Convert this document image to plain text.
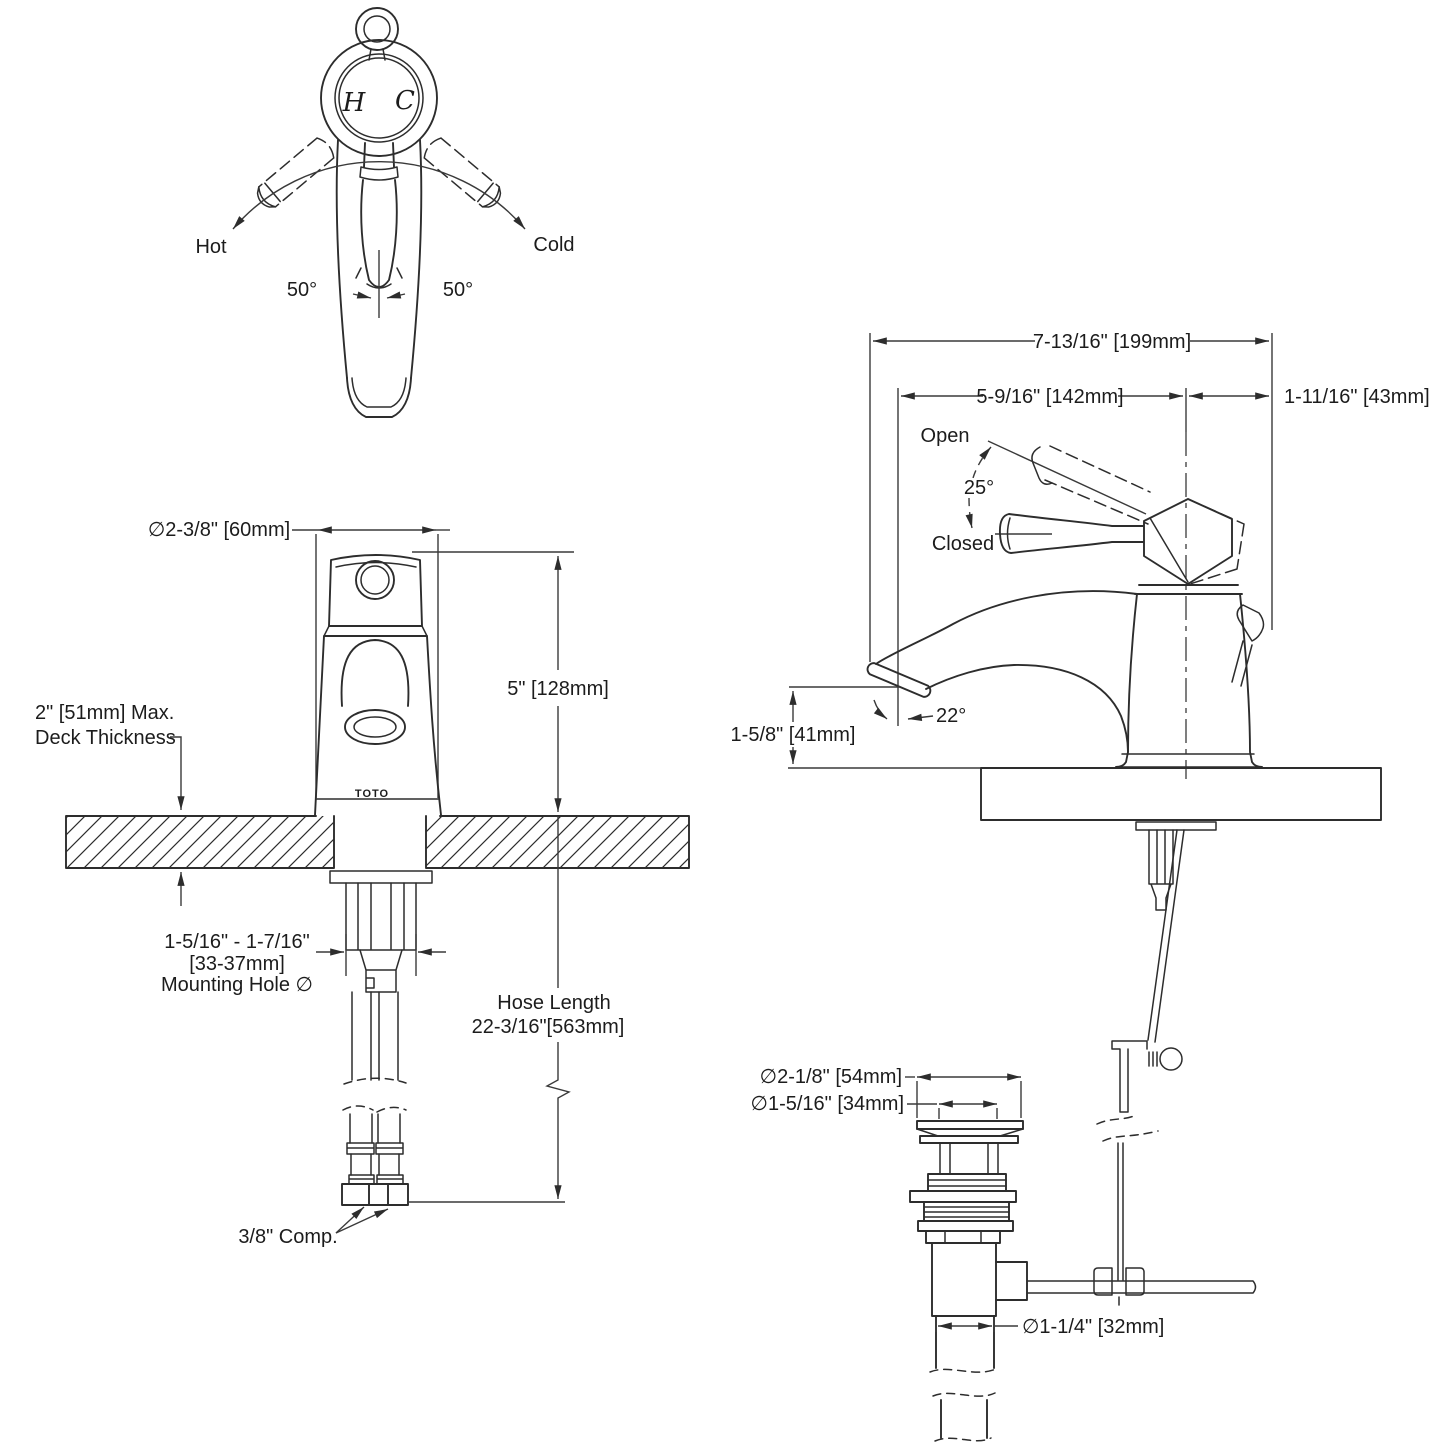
H C
Hot	Cold
50°	50°
∅2-3/8" [60mm]
TOTO
5" [128mm]
2" [51mm] Max.
Deck Thickness
1-5/16" - 1-7/16"
[33-37mm]
Mounting Hole ∅
Hose Length
22-3/16"[563mm]
3/8" Comp.
7-13/16" [199mm]
5-9/16" [142mm]	1-11/16" [43mm]
Open
25°
Closed
22°
1-5/8" [41mm]
∅2-1/8" [54mm]
∅1-5/16" [34mm]
∅1-1/4" [32mm]
